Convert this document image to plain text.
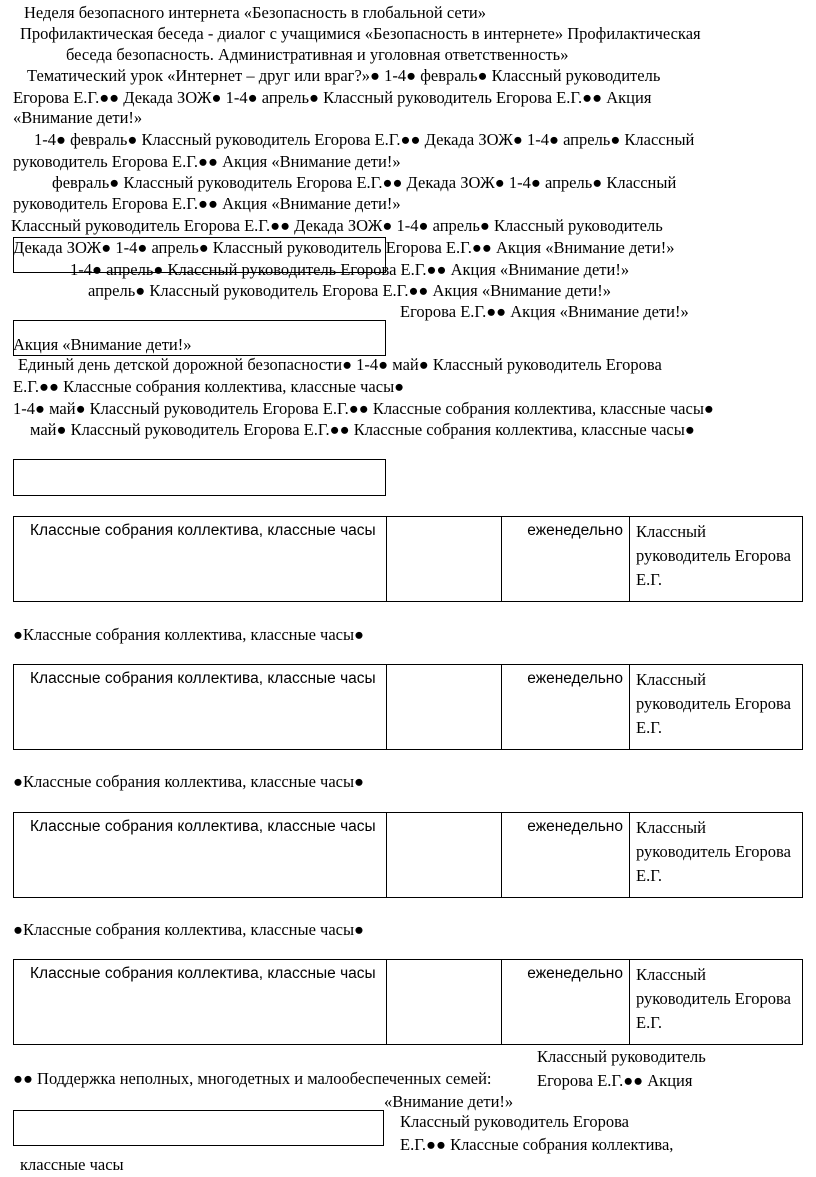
Неделя безопасного интернета «Безопасность в глобальной сети»
Профилактическая беседа - диалог с учащимися «Безопасность в интернете» Профилактическая
беседа безопасность. Административная и уголовная ответственность»
Тематический урок «Интернет – друг или враг?»● 1-4● февраль● Классный руководитель
Егорова Е.Г.●● Декада ЗОЖ● 1-4● апрель● Классный руководитель Егорова Е.Г.●● Акция
«Внимание дети!»
1-4● февраль● Классный руководитель Егорова Е.Г.●● Декада ЗОЖ● 1-4● апрель● Классный
руководитель Егорова Е.Г.●● Акция «Внимание дети!»
февраль● Классный руководитель Егорова Е.Г.●● Декада ЗОЖ● 1-4● апрель● Классный
руководитель Егорова Е.Г.●● Акция «Внимание дети!»
Классный руководитель Егорова Е.Г.●● Декада ЗОЖ● 1-4● апрель● Классный руководитель
Декада ЗОЖ● 1-4● апрель● Классный руководитель Егорова Е.Г.●● Акция «Внимание дети!»
1-4● апрель● Классный руководитель Егорова Е.Г.●● Акция «Внимание дети!»
апрель● Классный руководитель Егорова Е.Г.●● Акция «Внимание дети!»
Егорова Е.Г.●● Акция «Внимание дети!»
Акция «Внимание дети!»
Единый день детской дорожной безопасности● 1-4● май● Классный руководитель Егорова
Е.Г.●● Классные собрания коллектива, классные часы●
1-4● май● Классный руководитель Егорова Е.Г.●● Классные собрания коллектива, классные часы●
май● Классный руководитель Егорова Е.Г.●● Классные собрания коллектива, классные часы●
Классные собрания коллектива, классные часы		еженедельно	Классный руководитель Егорова Е.Г.
●Классные собрания коллектива, классные часы●
Классные собрания коллектива, классные часы		еженедельно	Классный руководитель Егорова Е.Г.
●Классные собрания коллектива, классные часы●
Классные собрания коллектива, классные часы		еженедельно	Классный руководитель Егорова Е.Г.
●Классные собрания коллектива, классные часы●
Классные собрания коллектива, классные часы		еженедельно	Классный руководитель Егорова Е.Г.
Классный руководитель
●● Поддержка неполных, многодетных и малообеспеченных семей:	Егорова Е.Г.●● Акция
«Внимание дети!»
Классный руководитель Егорова
Е.Г.●● Классные собрания коллектива,
классные часы
